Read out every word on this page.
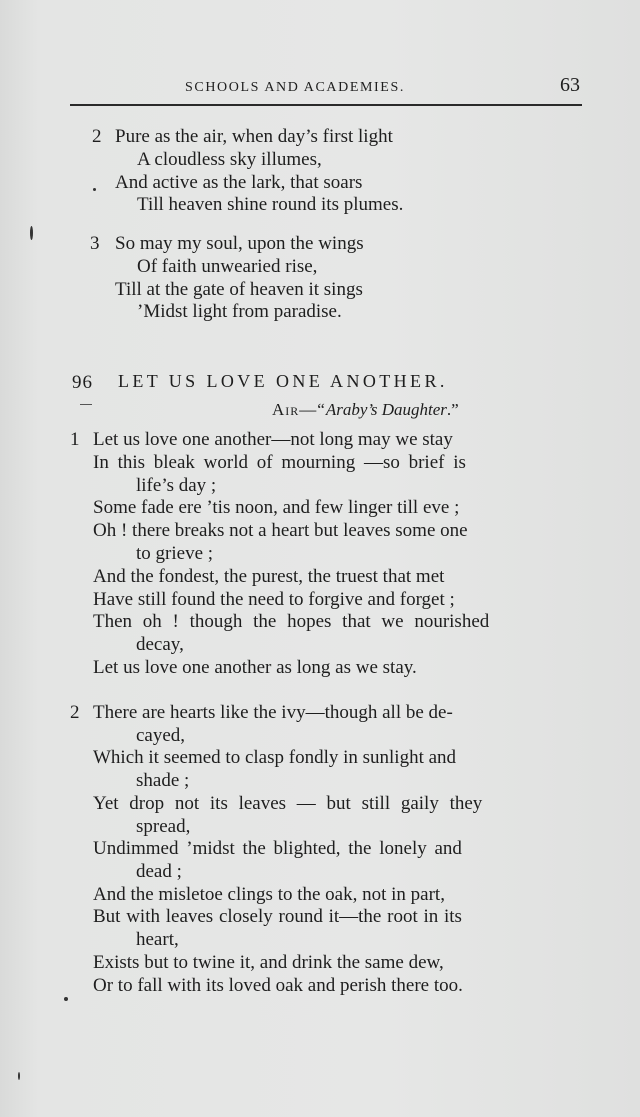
SCHOOLS AND ACADEMIES.	63
2 Pure as the air, when day’s first light
A cloudless sky illumes,
And active as the lark, that soars
Till heaven shine round its plumes.
3 So may my soul, upon the wings
Of faith unwearied rise,
Till at the gate of heaven it sings
’Midst light from paradise.
96 LET US LOVE ONE ANOTHER.
Air—“Araby’s Daughter.”
1 Let us love one another—not long may we stay
In this bleak world of mourning —so brief is
life’s day ;
Some fade ere ’tis noon, and few linger till eve ;
Oh ! there breaks not a heart but leaves some one
to grieve ;
And the fondest, the purest, the truest that met
Have still found the need to forgive and forget ;
Then oh ! though the hopes that we nourished
decay,
Let us love one another as long as we stay.
2 There are hearts like the ivy—though all be de-
cayed,
Which it seemed to clasp fondly in sunlight and
shade ;
Yet drop not its leaves — but still gaily they
spread,
Undimmed ’midst the blighted, the lonely and
dead ;
And the misletoe clings to the oak, not in part,
But with leaves closely round it—the root in its
heart,
Exists but to twine it, and drink the same dew,
Or to fall with its loved oak and perish there too.
